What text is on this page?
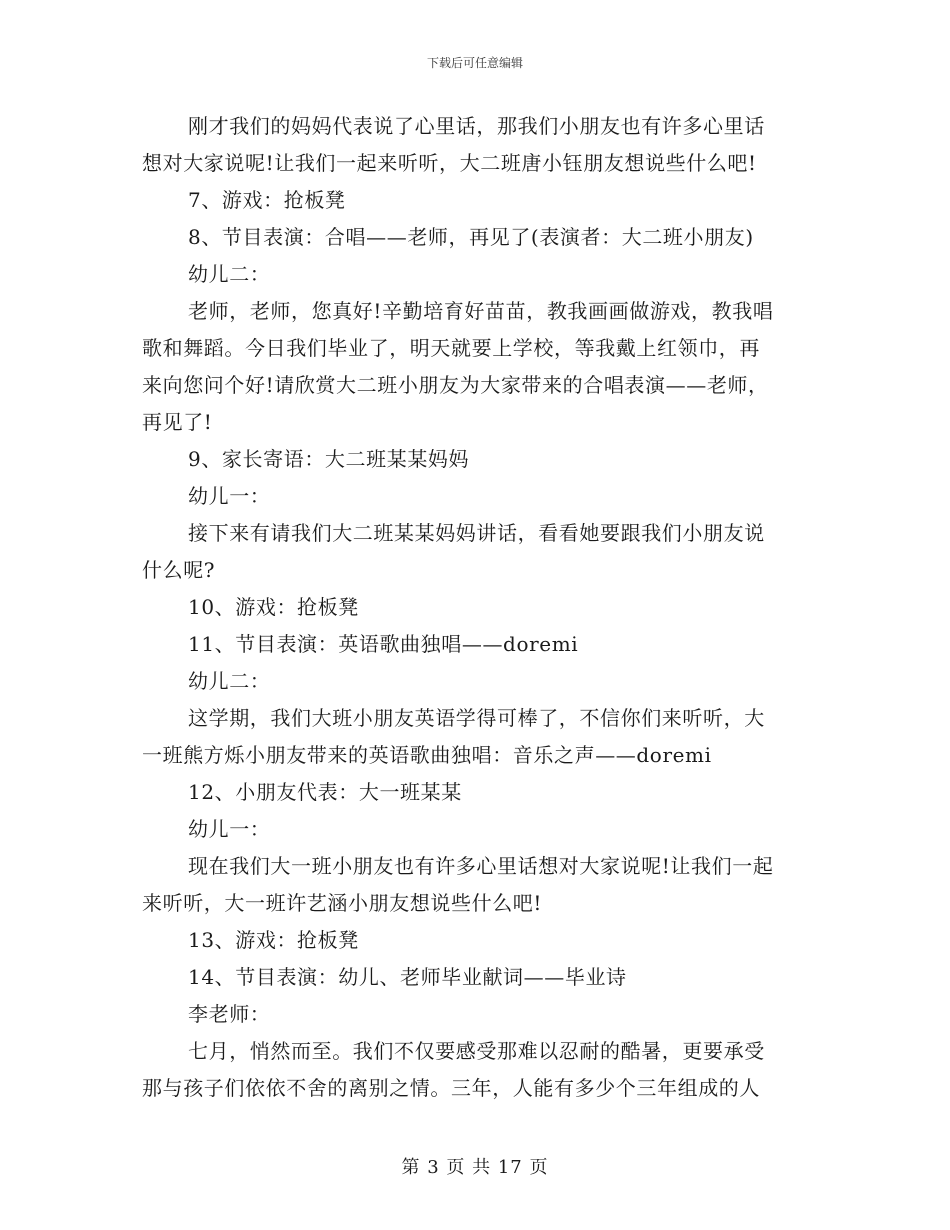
下载后可任意编辑
刚才我们的妈妈代表说了心里话，那我们小朋友也有许多心里话
想对大家说呢!让我们一起来听听，大二班唐小钰朋友想说些什么吧!
7、游戏：抢板凳
8、节目表演：合唱——老师，再见了(表演者：大二班小朋友)
幼儿二：
老师，老师，您真好!辛勤培育好苗苗，教我画画做游戏，教我唱
歌和舞蹈。今日我们毕业了，明天就要上学校，等我戴上红领巾，再
来向您问个好!请欣赏大二班小朋友为大家带来的合唱表演——老师，
再见了!
9、家长寄语：大二班某某妈妈
幼儿一：
接下来有请我们大二班某某妈妈讲话，看看她要跟我们小朋友说
什么呢?
10、游戏：抢板凳
11、节目表演：英语歌曲独唱——doremi
幼儿二：
这学期，我们大班小朋友英语学得可棒了，不信你们来听听，大
一班熊方烁小朋友带来的英语歌曲独唱：音乐之声——doremi
12、小朋友代表：大一班某某
幼儿一：
现在我们大一班小朋友也有许多心里话想对大家说呢!让我们一起
来听听，大一班许艺涵小朋友想说些什么吧!
13、游戏：抢板凳
14、节目表演：幼儿、老师毕业献词——毕业诗
李老师：
七月，悄然而至。我们不仅要感受那难以忍耐的酷暑，更要承受
那与孩子们依依不舍的离别之情。三年，人能有多少个三年组成的人
第 3 页 共 17 页
